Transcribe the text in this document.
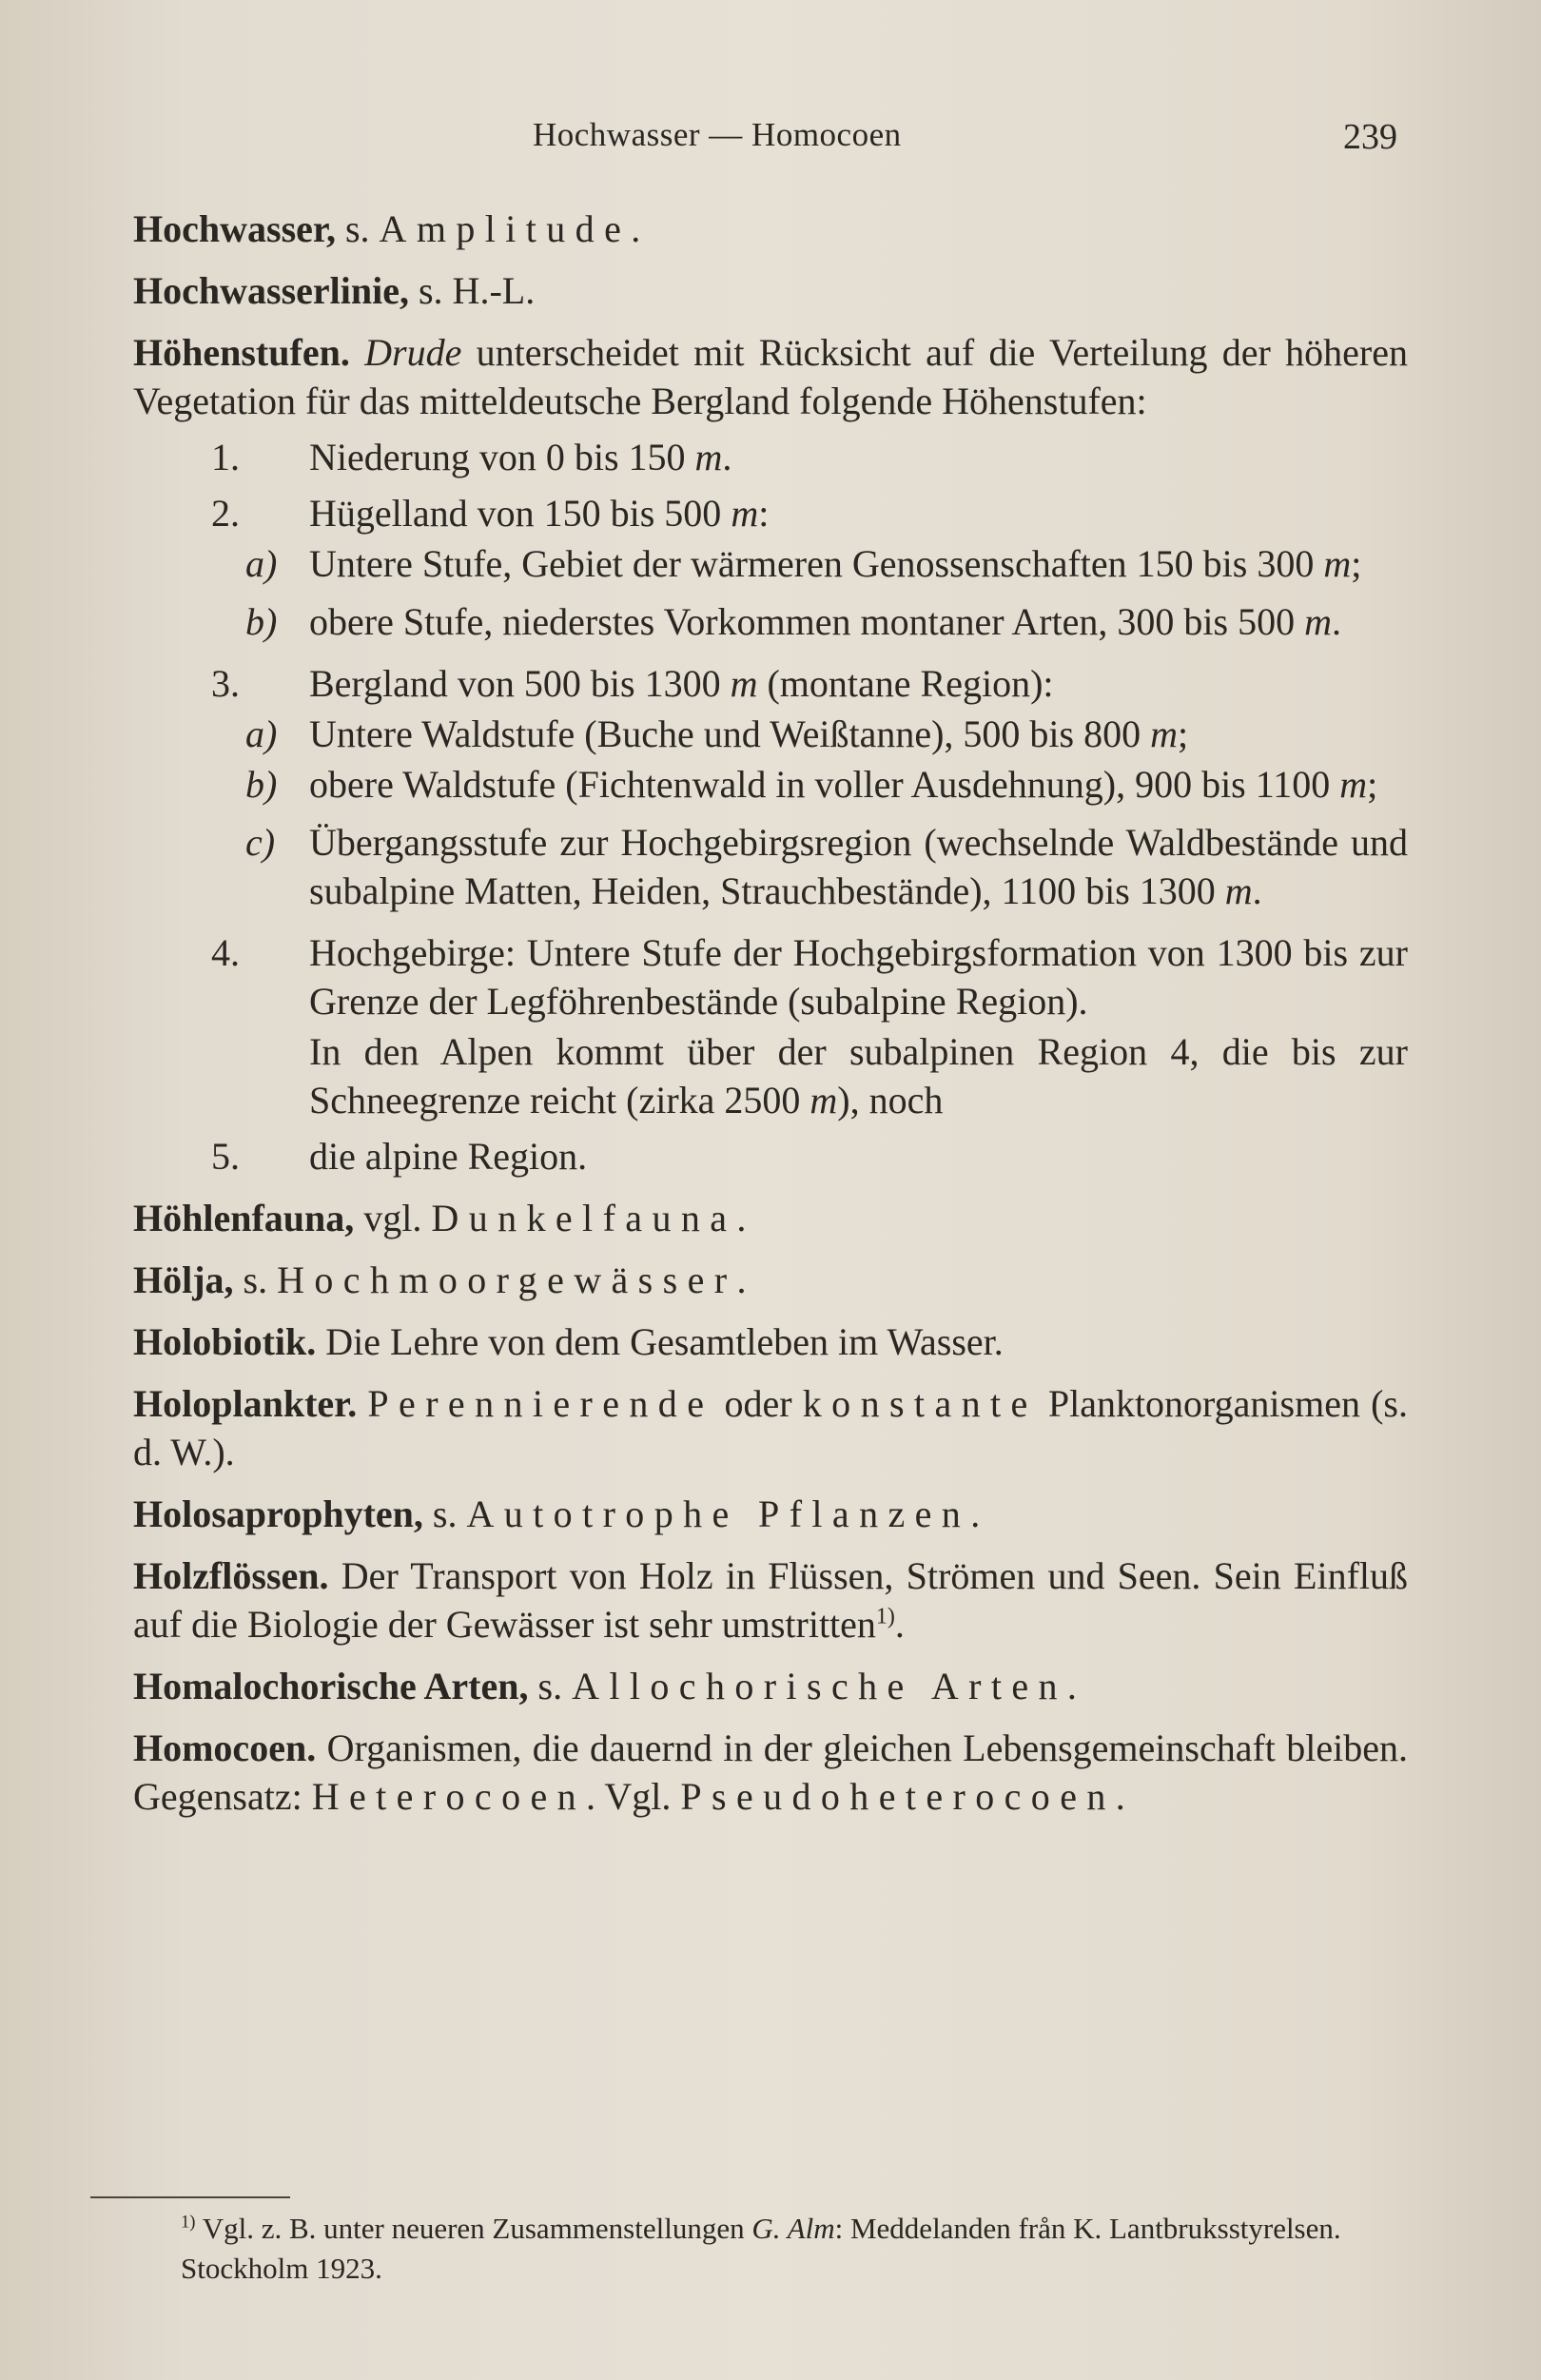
Hochwasser — Homocoen	239

Hochwasser, s. Amplitude.

Hochwasserlinie, s. H.-L.

Höhenstufen. Drude unterscheidet mit Rücksicht auf die Verteilung der höheren Vegetation für das mitteldeutsche Bergland folgende Höhenstufen:

1. Niederung von 0 bis 150 m.
2. Hügelland von 150 bis 500 m:
a) Untere Stufe, Gebiet der wärmeren Genossenschaften 150 bis 300 m;
b) obere Stufe, niederstes Vorkommen montaner Arten, 300 bis 500 m.
3. Bergland von 500 bis 1300 m (montane Region):
a) Untere Waldstufe (Buche und Weißtanne), 500 bis 800 m;
b) obere Waldstufe (Fichtenwald in voller Ausdehnung), 900 bis 1100 m;
c) Übergangsstufe zur Hochgebirgsregion (wechselnde Waldbestände und subalpine Matten, Heiden, Strauchbestände), 1100 bis 1300 m.
4. Hochgebirge: Untere Stufe der Hochgebirgsformation von 1300 bis zur Grenze der Legföhrenbestände (subalpine Region).
In den Alpen kommt über der subalpinen Region 4, die bis zur Schneegrenze reicht (zirka 2500 m), noch
5. die alpine Region.

Höhlenfauna, vgl. Dunkelfauna.

Hölja, s. Hochmoorgewässer.

Holobiotik. Die Lehre von dem Gesamtleben im Wasser.

Holoplankter. Perennierende oder konstante Planktonorganismen (s. d. W.).

Holosaprophyten, s. Autotrophe Pflanzen.

Holzflössen. Der Transport von Holz in Flüssen, Strömen und Seen. Sein Einfluß auf die Biologie der Gewässer ist sehr umstritten$^{1)}$.

Homalochorische Arten, s. Allochorische Arten.

Homocoen. Organismen, die dauernd in der gleichen Lebensgemeinschaft bleiben. Gegensatz: Heterocoen. Vgl. Pseudoheterocoen.

$^{1)}$ Vgl. z. B. unter neueren Zusammenstellungen G. Alm: Meddelanden från K. Lantbruksstyrelsen. Stockholm 1923.
